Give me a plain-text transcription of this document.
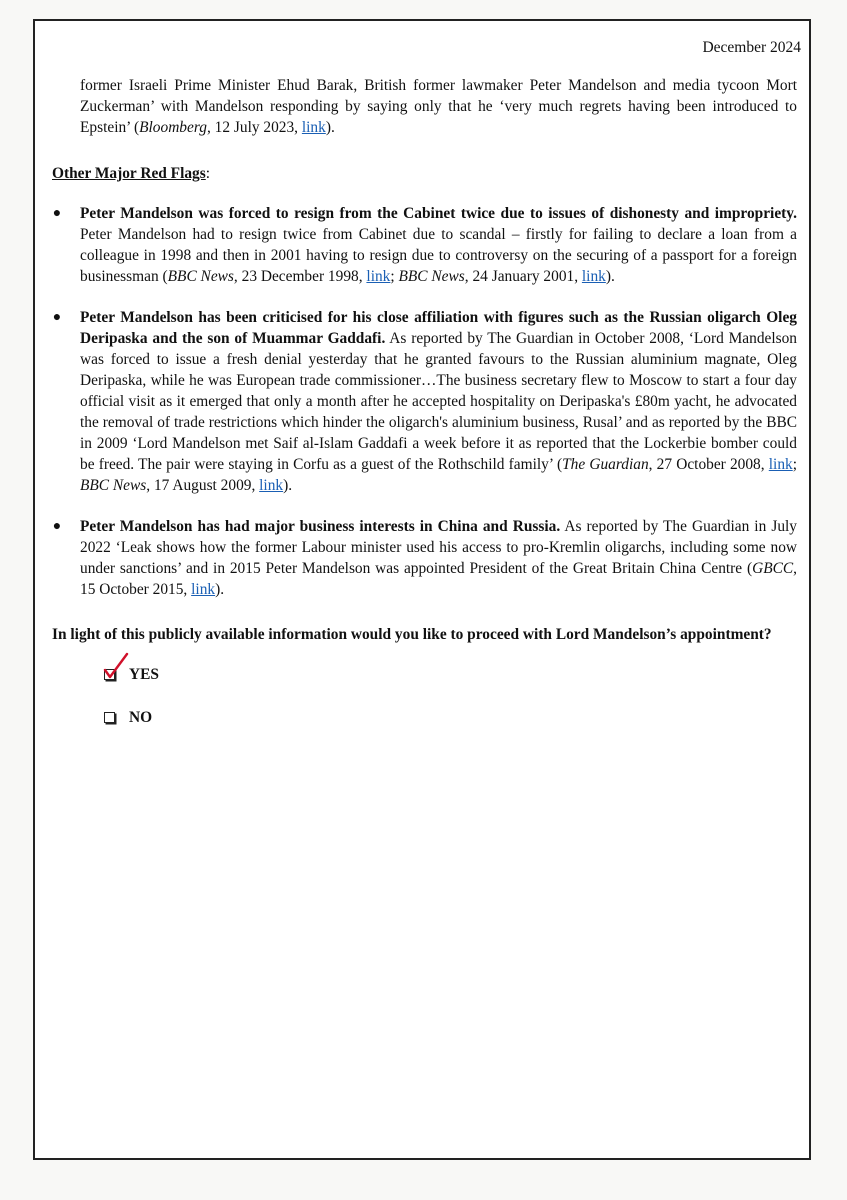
December 2024

former Israeli Prime Minister Ehud Barak, British former lawmaker Peter Mandelson and media tycoon Mort Zuckerman’ with Mandelson responding by saying only that he ‘very much regrets having been introduced to Epstein’ (Bloomberg, 12 July 2023, link).

Other Major Red Flags:
● Peter Mandelson was forced to resign from the Cabinet twice due to issues of dishonesty and impropriety. Peter Mandelson had to resign twice from Cabinet due to scandal – firstly for failing to declare a loan from a colleague in 1998 and then in 2001 having to resign due to controversy on the securing of a passport for a foreign businessman (BBC News, 23 December 1998, link; BBC News, 24 January 2001, link).
● Peter Mandelson has been criticised for his close affiliation with figures such as the Russian oligarch Oleg Deripaska and the son of Muammar Gaddafi. As reported by The Guardian in October 2008, ‘Lord Mandelson was forced to issue a fresh denial yesterday that he granted favours to the Russian aluminium magnate, Oleg Deripaska, while he was European trade commissioner…The business secretary flew to Moscow to start a four day official visit as it emerged that only a month after he accepted hospitality on Deripaska's £80m yacht, he advocated the removal of trade restrictions which hinder the oligarch's aluminium business, Rusal’ and as reported by the BBC in 2009 ‘Lord Mandelson met Saif al-Islam Gaddafi a week before it as reported that the Lockerbie bomber could be freed. The pair were staying in Corfu as a guest of the Rothschild family’ (The Guardian, 27 October 2008, link; BBC News, 17 August 2009, link).
● Peter Mandelson has had major business interests in China and Russia. As reported by The Guardian in July 2022 ‘Leak shows how the former Labour minister used his access to pro-Kremlin oligarchs, including some now under sanctions’ and in 2015 Peter Mandelson was appointed President of the Great Britain China Centre (GBCC, 15 October 2015, link).

In light of this publicly available information would you like to proceed with Lord Mandelson’s appointment?

YES
NO
